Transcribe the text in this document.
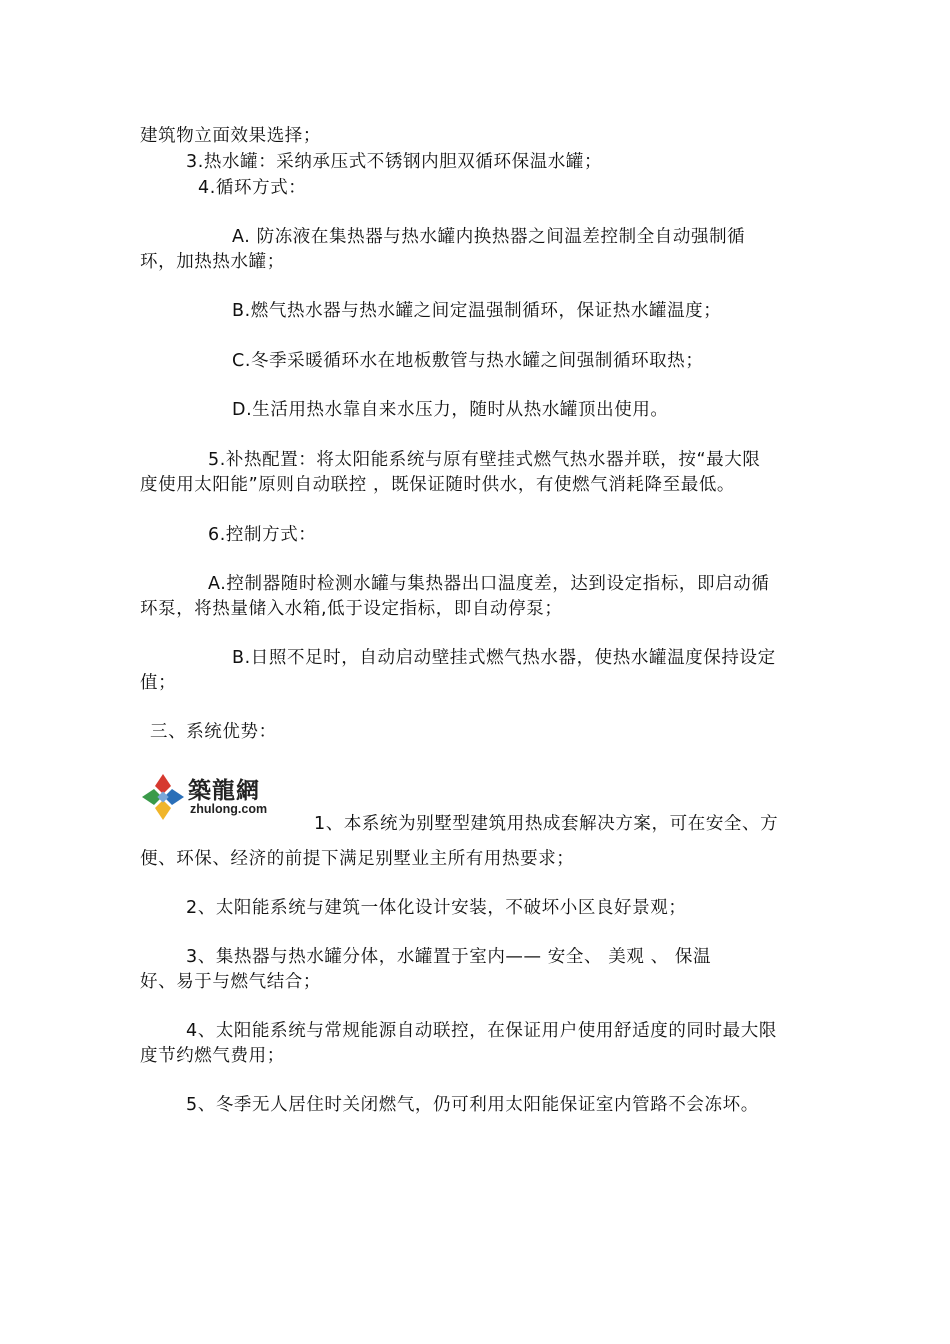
建筑物立面效果选择；
3.热水罐：采纳承压式不锈钢内胆双循环保温水罐；
4.循环方式：
A. 防冻液在集热器与热水罐内换热器之间温差控制全自动强制循
环，加热热水罐；
B.燃气热水器与热水罐之间定温强制循环，保证热水罐温度；
C.冬季采暖循环水在地板敷管与热水罐之间强制循环取热；
D.生活用热水靠自来水压力，随时从热水罐顶出使用。
5.补热配置：将太阳能系统与原有壁挂式燃气热水器并联，按“最大限
度使用太阳能”原则自动联控 ，既保证随时供水，有使燃气消耗降至最低。
6.控制方式：
A.控制器随时检测水罐与集热器出口温度差，达到设定指标，即启动循
环泵，将热量储入水箱,低于设定指标，即自动停泵；
B.日照不足时，自动启动壁挂式燃气热水器，使热水罐温度保持设定
值；
三、系统优势：
築龍網
zhulong.com
1、本系统为别墅型建筑用热成套解决方案，可在安全、方
便、环保、经济的前提下满足别墅业主所有用热要求；
2、太阳能系统与建筑一体化设计安装，不破坏小区良好景观；
3、集热器与热水罐分体，水罐置于室内—— 安全、 美观 、 保温
好、易于与燃气结合；
4、太阳能系统与常规能源自动联控，在保证用户使用舒适度的同时最大限
度节约燃气费用；
5、冬季无人居住时关闭燃气，仍可利用太阳能保证室内管路不会冻坏。
